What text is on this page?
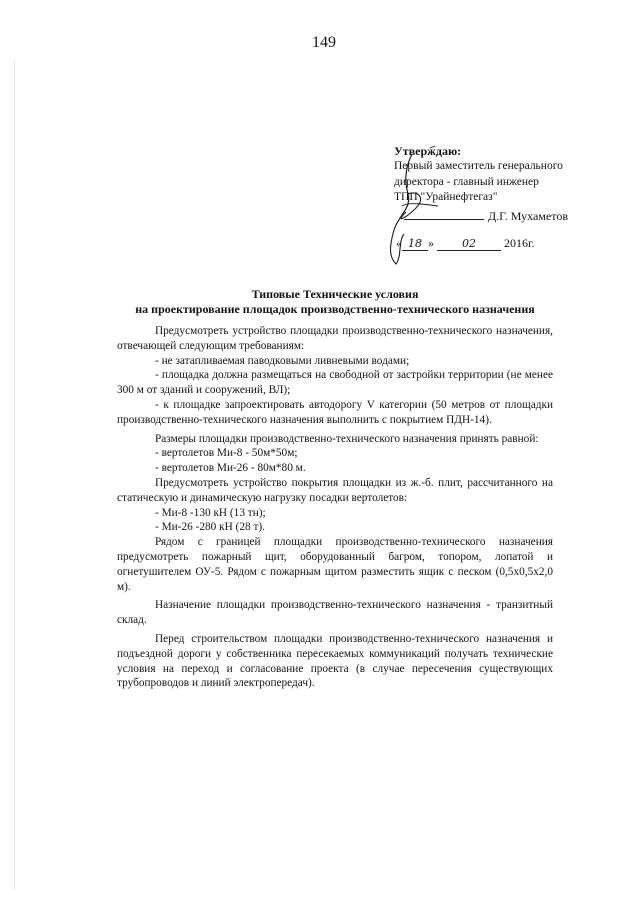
149
Утверждаю:
Первый заместитель генерального
директора - главный инженер
ТПП "Урайнефтегаз"
Д.Г. Мухаметов
« 18 »	02 2016г.
Типовые Технические условия
на проектирование площадок производственно-технического назначения

Предусмотреть устройство площадки производственно-технического назначения, отвечающей следующим требованиям:

- не затапливаемая паводковыми ливневыми водами;

- площадка должна размещаться на свободной от застройки территории (не менее 300 м от зданий и сооружений, ВЛ);

- к площадке запроектировать автодорогу V категории (50 метров от площадки производственно-технического назначения выполнить с покрытием ПДН-14).

Размеры площадки производственно-технического назначения принять равной:

- вертолетов Ми-8 - 50м*50м;

- вертолетов Ми-26 - 80м*80 м.

Предусмотреть устройство покрытия площадки из ж.-б. плит, рассчитанного на статическую и динамическую нагрузку посадки вертолетов:

- Ми-8 -130 кН (13 тн);

- Ми-26 -280 кН (28 т).

Рядом с границей площадки производственно-технического назначения предусмотреть пожарный щит, оборудованный багром, топором, лопатой и огнетушителем ОУ-5. Рядом с пожарным щитом разместить ящик с песком (0,5х0,5х2,0 м).

Назначение площадки производственно-технического назначения - транзитный склад.

Перед строительством площадки производственно-технического назначения и подъездной дороги у собственника пересекаемых коммуникаций получать технические условия на переход и согласование проекта (в случае пересечения существующих трубопроводов и линий электропередач).
